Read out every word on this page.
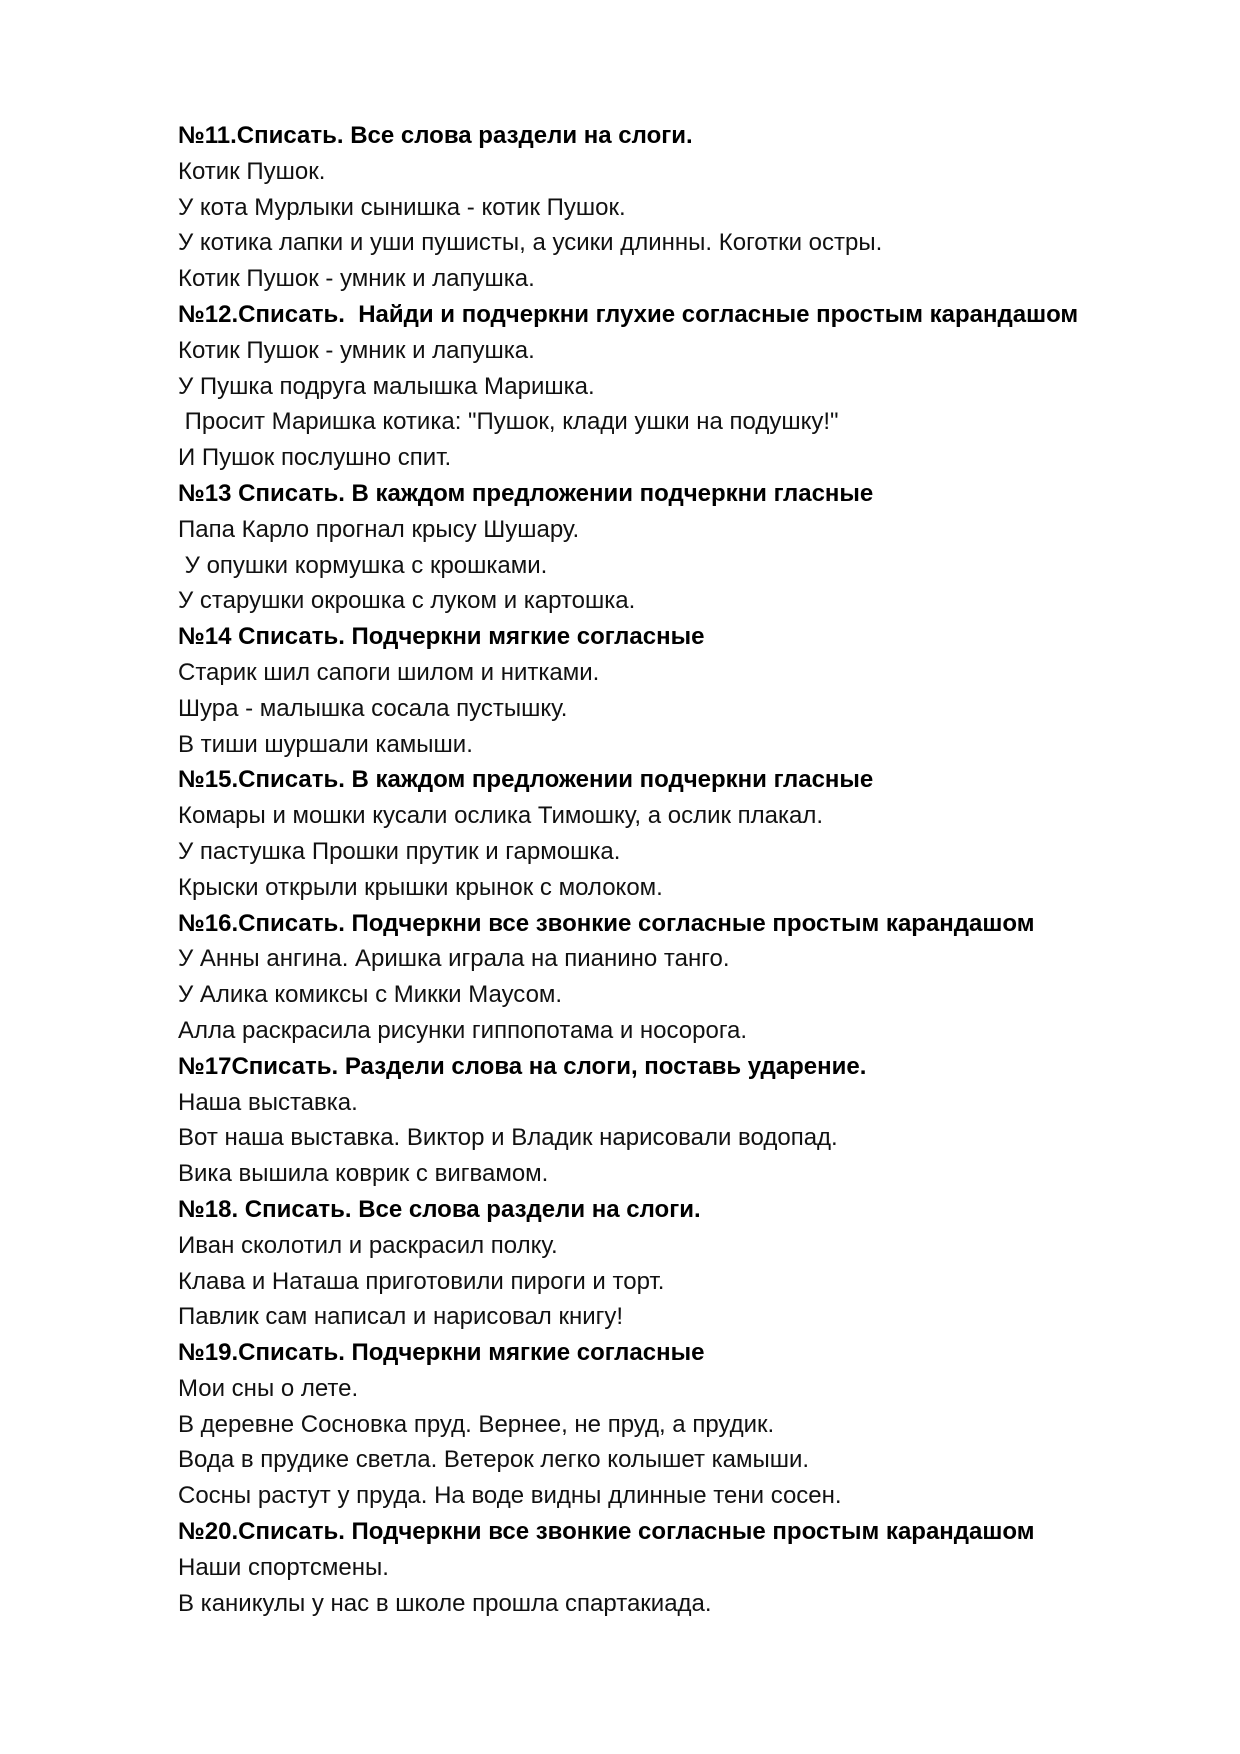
№11.Списать. Все слова раздели на слоги.
Котик Пушок.
У кота Мурлыки сынишка - котик Пушок.
У котика лапки и уши пушисты, а усики длинны. Коготки остры.
Котик Пушок - умник и лапушка.
№12.Списать.  Найди и подчеркни глухие согласные простым карандашом
Котик Пушок - умник и лапушка.
У Пушка подруга малышка Маришка.
Просит Маришка котика: "Пушок, клади ушки на подушку!"
И Пушок послушно спит.
№13 Списать. В каждом предложении подчеркни гласные
Папа Карло прогнал крысу Шушару.
У опушки кормушка с крошками.
У старушки окрошка с луком и картошка.
№14 Списать. Подчеркни мягкие согласные
Старик шил сапоги шилом и нитками.
Шура - малышка сосала пустышку.
В тиши шуршали камыши.
№15.Списать. В каждом предложении подчеркни гласные
Комары и мошки кусали ослика Тимошку, а ослик плакал.
У пастушка Прошки прутик и гармошка.
Крыски открыли крышки крынок с молоком.
№16.Списать. Подчеркни все звонкие согласные простым карандашом
У Анны ангина. Аришка играла на пианино танго.
У Алика комиксы с Микки Маусом.
Алла раскрасила рисунки гиппопотама и носорога.
№17Списать. Раздели слова на слоги, поставь ударение.
Наша выставка.
Вот наша выставка. Виктор и Владик нарисовали водопад.
Вика вышила коврик с вигвамом.
№18. Списать. Все слова раздели на слоги.
Иван сколотил и раскрасил полку.
Клава и Наташа приготовили пироги и торт.
Павлик сам написал и нарисовал книгу!
№19.Списать. Подчеркни мягкие согласные
Мои сны о лете.
В деревне Сосновка пруд. Вернее, не пруд, а прудик.
Вода в прудике светла. Ветерок легко колышет камыши.
Сосны растут у пруда. На воде видны длинные тени сосен.
№20.Списать. Подчеркни все звонкие согласные простым карандашом
Наши спортсмены.
В каникулы у нас в школе прошла спартакиада.
